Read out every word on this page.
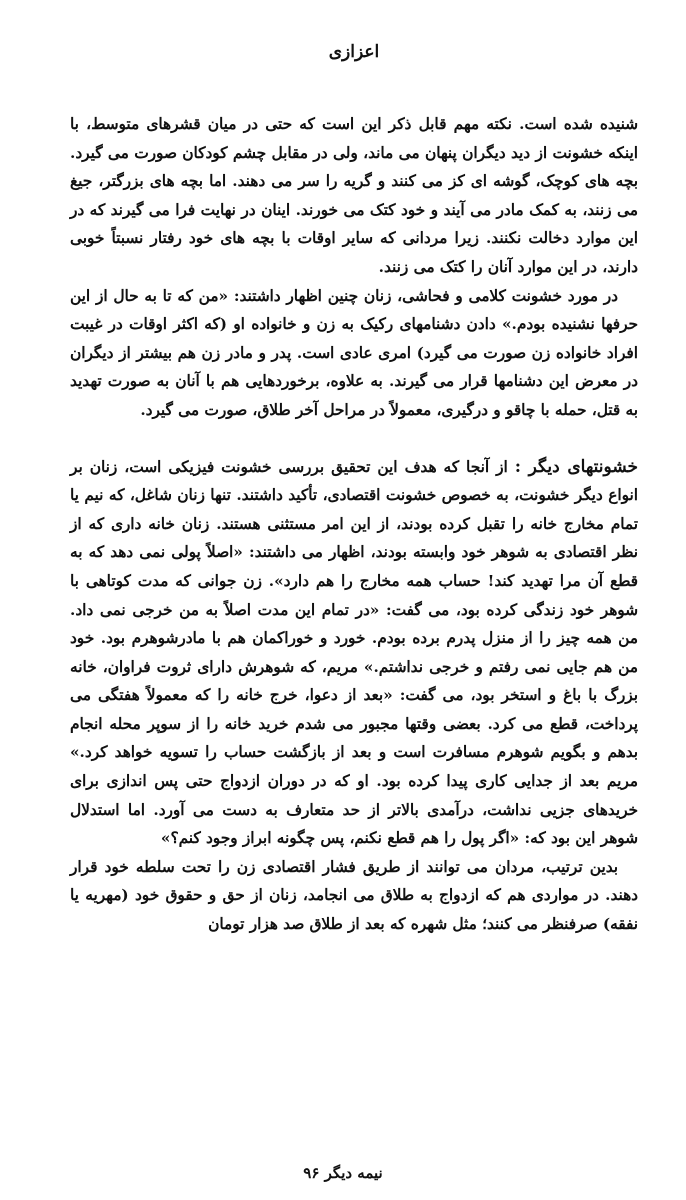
اعزازی

شنیده شده است. نکته مهم قابل ذکر این است که حتی در میان قشرهای متوسط، با اینکه خشونت از دید دیگران پنهان می ماند، ولی در مقابل چشم کودکان صورت می گیرد. بچه های کوچک، گوشه ای کز می کنند و گریه را سر می دهند. اما بچه های بزرگتر، جیغ می زنند، به کمک مادر می آیند و خود کتک می خورند. اینان در نهایت فرا می گیرند که در این موارد دخالت نکنند. زیرا مردانی که سایر اوقات با بچه های خود رفتار نسبتاً خوبی دارند، در این موارد آنان را کتک می زنند.

در مورد خشونت کلامی و فحاشی، زنان چنین اظهار داشتند: «من که تا به حال از این حرفها نشنیده بودم.» دادن دشنامهای رکیک به زن و خانواده او (که اکثر اوقات در غیبت افراد خانواده زن صورت می گیرد) امری عادی است. پدر و مادر زن هم بیشتر از دیگران در معرض این دشنامها قرار می گیرند. به علاوه، برخوردهایی هم با آنان به صورت تهدید به قتل، حمله با چاقو و درگیری، معمولاً در مراحل آخر طلاق، صورت می گیرد.

خشونتهای دیگر : از آنجا که هدف این تحقیق بررسی خشونت فیزیکی است، زنان بر انواع دیگر خشونت، به خصوص خشونت اقتصادی، تأکید داشتند. تنها زنان شاغل، که نیم یا تمام مخارج خانه را تقبل کرده بودند، از این امر مستثنی هستند. زنان خانه داری که از نظر اقتصادی به شوهر خود وابسته بودند، اظهار می داشتند: «اصلاً پولی نمی دهد که به قطع آن مرا تهدید کند! حساب همه مخارج را هم دارد». زن جوانی که مدت کوتاهی با شوهر خود زندگی کرده بود، می گفت: «در تمام این مدت اصلاً به من خرجی نمی داد. من همه چیز را از منزل پدرم برده بودم. خورد و خوراکمان هم با مادرشوهرم بود. خود من هم جایی نمی رفتم و خرجی نداشتم.» مریم، که شوهرش دارای ثروت فراوان، خانه بزرگ با باغ و استخر بود، می گفت: «بعد از دعوا، خرج خانه را که معمولاً هفتگی می پرداخت، قطع می کرد. بعضی وقتها مجبور می شدم خرید خانه را از سوپر محله انجام بدهم و بگویم شوهرم مسافرت است و بعد از بازگشت حساب را تسویه خواهد کرد.» مریم بعد از جدایی کاری پیدا کرده بود. او که در دوران ازدواج حتی پس اندازی برای خریدهای جزیی نداشت، درآمدی بالاتر از حد متعارف به دست می آورد. اما استدلال شوهر این بود که: «اگر پول را هم قطع نکنم، پس چگونه ابراز وجود کنم؟»

بدین ترتیب، مردان می توانند از طریق فشار اقتصادی زن را تحت سلطه خود قرار دهند. در مواردی هم که ازدواج به طلاق می انجامد، زنان از حق و حقوق خود (مهریه یا نفقه) صرفنظر می کنند؛ مثل شهره که بعد از طلاق صد هزار تومان

نیمه دیگر ۹۶
